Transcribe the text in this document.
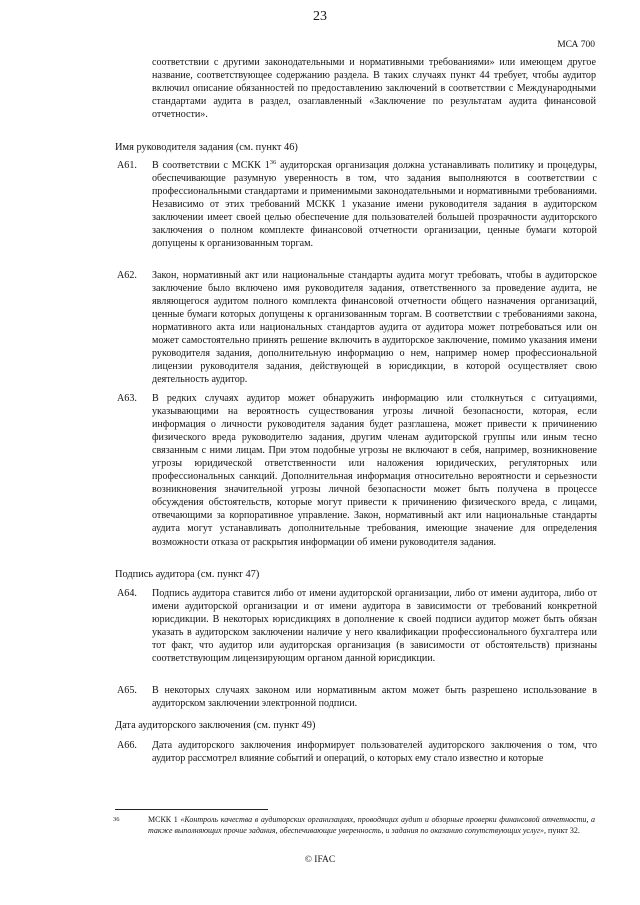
23
МСА 700
соответствии с другими законодательными и нормативными требованиями» или имеющем другое название, соответствующее содержанию раздела. В таких случаях пункт 44 требует, чтобы аудитор включил описание обязанностей по предоставлению заключений в соответствии с Международными стандартами аудита в раздел, озаглавленный «Заключение по результатам аудита финансовой отчетности».
Имя руководителя задания (см. пункт 46)
A61.	В соответствии с МСКК $1^{36}$ аудиторская организация должна устанавливать политику и процедуры, обеспечивающие разумную уверенность в том, что задания выполняются в соответствии с профессиональными стандартами и применимыми законодательными и нормативными требованиями. Независимо от этих требований МСКК 1 указание имени руководителя задания в аудиторском заключении имеет своей целью обеспечение для пользователей большей прозрачности аудиторского заключения о полном комплекте финансовой отчетности организации, ценные бумаги которой допущены к организованным торгам.
A62.	Закон, нормативный акт или национальные стандарты аудита могут требовать, чтобы в аудиторское заключение было включено имя руководителя задания, ответственного за проведение аудита, не являющегося аудитом полного комплекта финансовой отчетности общего назначения организаций, ценные бумаги которых допущены к организованным торгам. В соответствии с требованиями закона, нормативного акта или национальных стандартов аудита от аудитора может потребоваться или он может самостоятельно принять решение включить в аудиторское заключение, помимо указания имени руководителя задания, дополнительную информацию о нем, например номер профессиональной лицензии руководителя задания, действующей в юрисдикции, в которой осуществляет свою деятельность аудитор.
A63.	В редких случаях аудитор может обнаружить информацию или столкнуться с ситуациями, указывающими на вероятность существования угрозы личной безопасности, которая, если информация о личности руководителя задания будет разглашена, может привести к причинению физического вреда руководителю задания, другим членам аудиторской группы или иным тесно связанным с ними лицам. При этом подобные угрозы не включают в себя, например, возникновение угрозы юридической ответственности или наложения юридических, регуляторных или профессиональных санкций. Дополнительная информация относительно вероятности и серьезности возникновения значительной угрозы личной безопасности может быть получена в процессе обсуждения обстоятельств, которые могут привести к причинению физического вреда, с лицами, отвечающими за корпоративное управление. Закон, нормативный акт или национальные стандарты аудита могут устанавливать дополнительные требования, имеющие значение для определения возможности отказа от раскрытия информации об имени руководителя задания.
Подпись аудитора (см. пункт 47)
A64.	Подпись аудитора ставится либо от имени аудиторской организации, либо от имени аудитора, либо от имени аудиторской организации и от имени аудитора в зависимости от требований конкретной юрисдикции. В некоторых юрисдикциях в дополнение к своей подписи аудитор может быть обязан указать в аудиторском заключении наличие у него квалификации профессионального бухгалтера или тот факт, что аудитор или аудиторская организация (в зависимости от обстоятельств) признаны соответствующим лицензирующим органом данной юрисдикции.
A65.	В некоторых случаях законом или нормативным актом может быть разрешено использование в аудиторском заключении электронной подписи.
Дата аудиторского заключения (см. пункт 49)
A66.	Дата аудиторского заключения информирует пользователей аудиторского заключения о том, что аудитор рассмотрел влияние событий и операций, о которых ему стало известно и которые
36	МСКК 1 «Контроль качества в аудиторских организациях, проводящих аудит и обзорные проверки финансовой отчетности, а также выполняющих прочие задания, обеспечивающие уверенность, и задания по оказанию сопутствующих услуг», пункт 32.
© IFAC
